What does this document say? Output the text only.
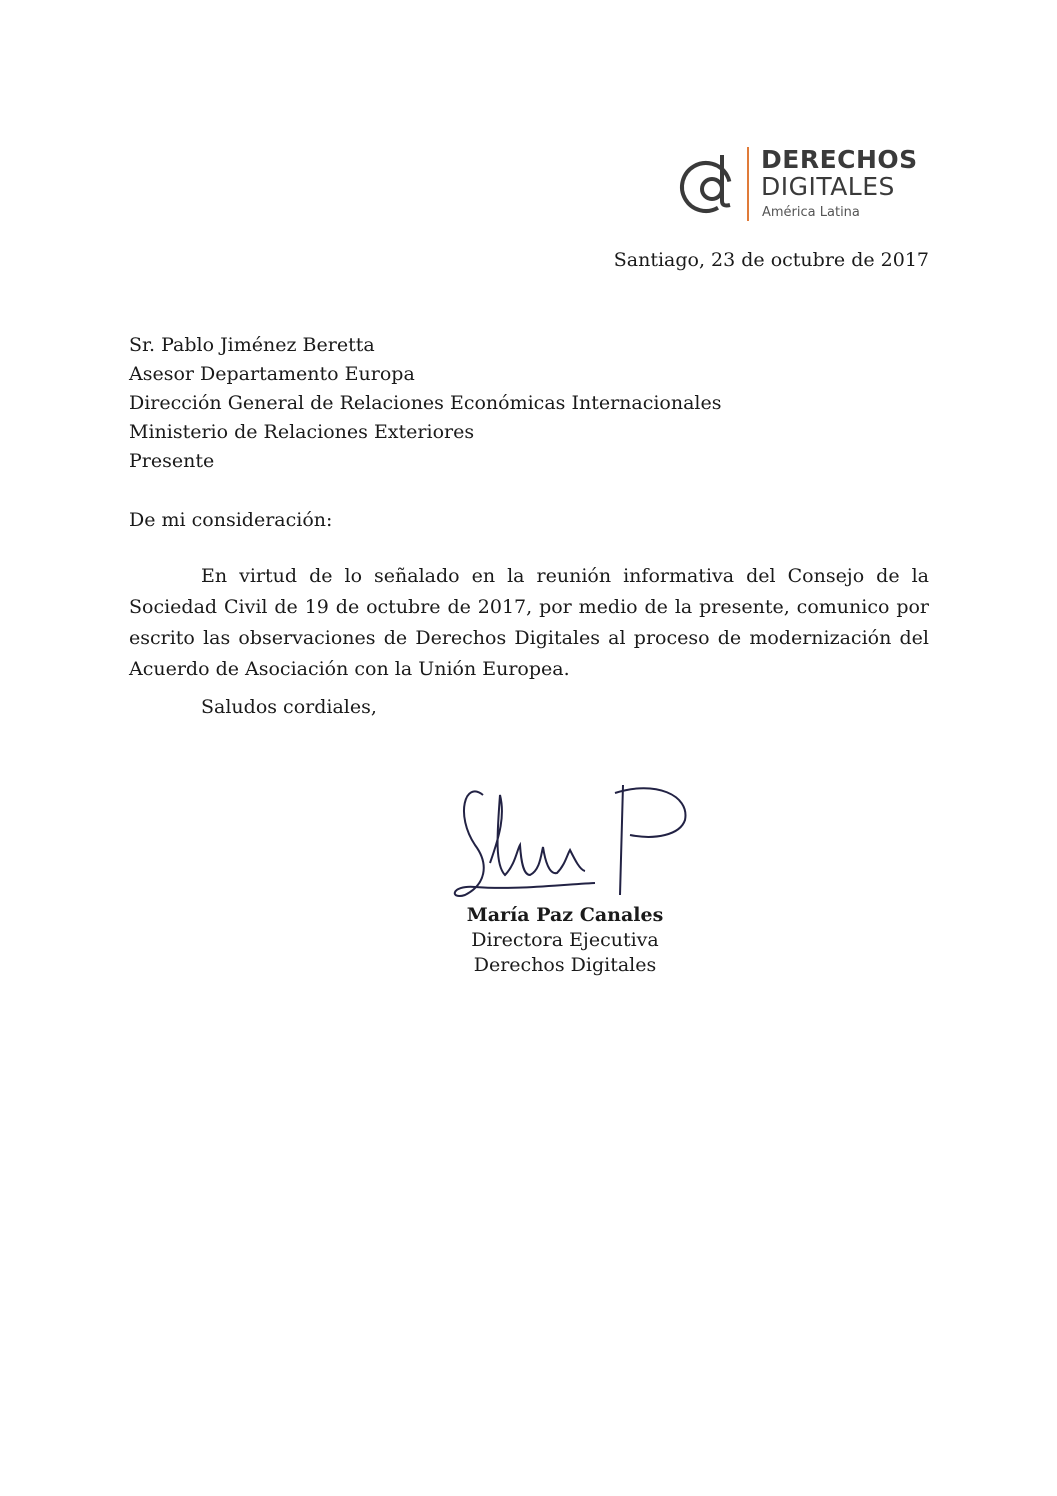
DERECHOS
DIGITALES
América Latina
Santiago, 23 de octubre de 2017
Sr. Pablo Jiménez Beretta
Asesor Departamento Europa
Dirección General de Relaciones Económicas Internacionales
Ministerio de Relaciones Exteriores
Presente
De mi consideración:
En virtud de lo señalado en la reunión informativa del Consejo de la Sociedad Civil de 19 de octubre de 2017, por medio de la presente, comunico por escrito las observaciones de Derechos Digitales al proceso de modernización del Acuerdo de Asociación con la Unión Europea.
Saludos cordiales,
María Paz Canales
Directora Ejecutiva
Derechos Digitales
